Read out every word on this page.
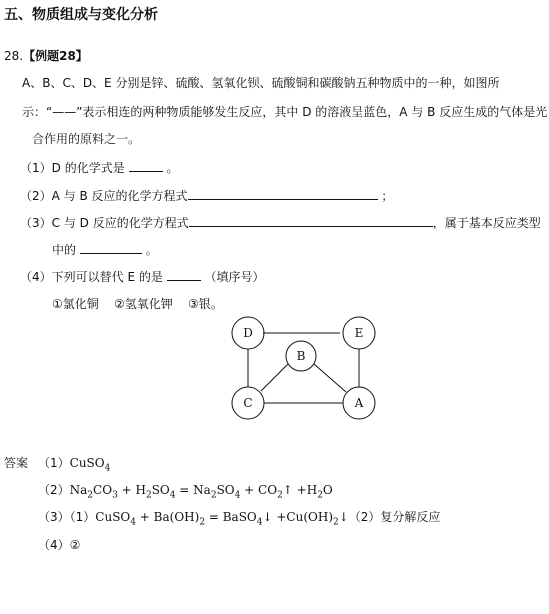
五、物质组成与变化分析
28.【例题28】
A、B、C、D、E 分别是锌、硫酸、氢氧化钡、硫酸铜和碳酸钠五种物质中的一种，如图所
示：“——”表示相连的两种物质能够发生反应，其中 D 的溶液呈蓝色，A 与 B 反应生成的气体是光
合作用的原料之一。
（1）D 的化学式是	。
（2）A 与 B 反应的化学方程式	；
（3）C 与 D 反应的化学方程式	，属于基本反应类型
中的	。
（4）下列可以替代 E 的是	（填序号）
①氯化铜    ②氢氧化钾    ③银。
D	E
B
C	A
答案 （1）CuSO$_4$
$(2)Na_2CO_3 + H_2SO_4 = Na_2SO_4$ + $CO_2↑ +H_2O$
（3）（1）CuSO$_4$ + $Ba(OH)_2$ = BaSO$_4$↓ $+Cu(OH)_2↓(2)$复分解反应
（4）②
